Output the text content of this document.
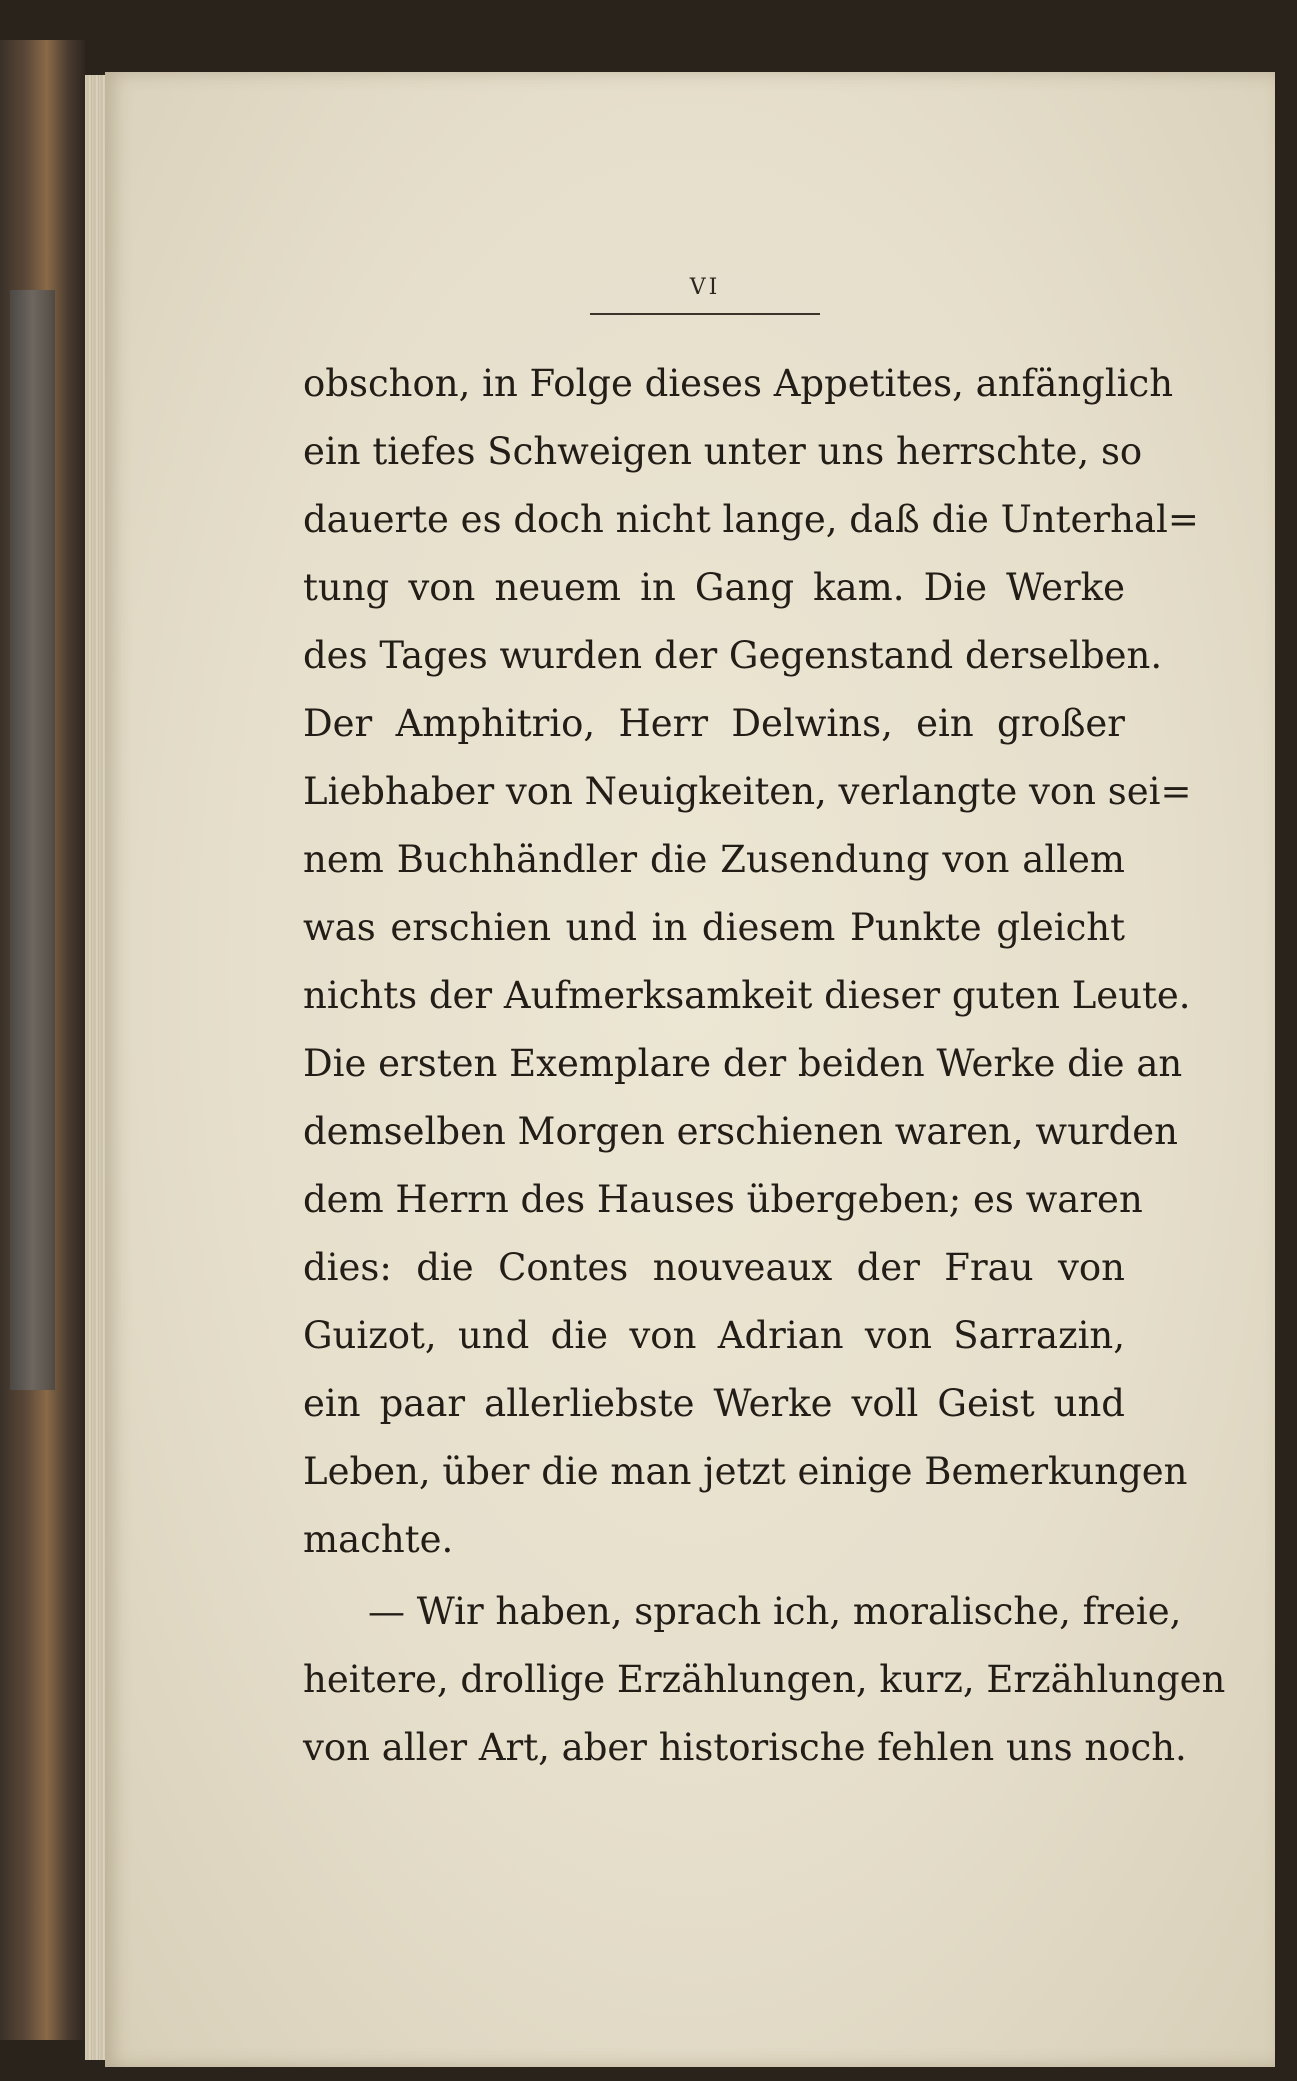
VI
obschon, in Folge dieses Appetites, anfänglich
ein tiefes Schweigen unter uns herrschte, so
dauerte es doch nicht lange, daß die Unterhal=
tung von neuem in Gang kam. Die Werke
des Tages wurden der Gegenstand derselben.
Der Amphitrio, Herr Delwins, ein großer
Liebhaber von Neuigkeiten, verlangte von sei=
nem Buchhändler die Zusendung von allem
was erschien und in diesem Punkte gleicht
nichts der Aufmerksamkeit dieser guten Leute.
Die ersten Exemplare der beiden Werke die an
demselben Morgen erschienen waren, wurden
dem Herrn des Hauses übergeben; es waren
dies: die Contes nouveaux der Frau von
Guizot, und die von Adrian von Sarrazin,
ein paar allerliebste Werke voll Geist und
Leben, über die man jetzt einige Bemerkungen
machte.
— Wir haben, sprach ich, moralische, freie,
heitere, drollige Erzählungen, kurz, Erzählungen
von aller Art, aber historische fehlen uns noch.
